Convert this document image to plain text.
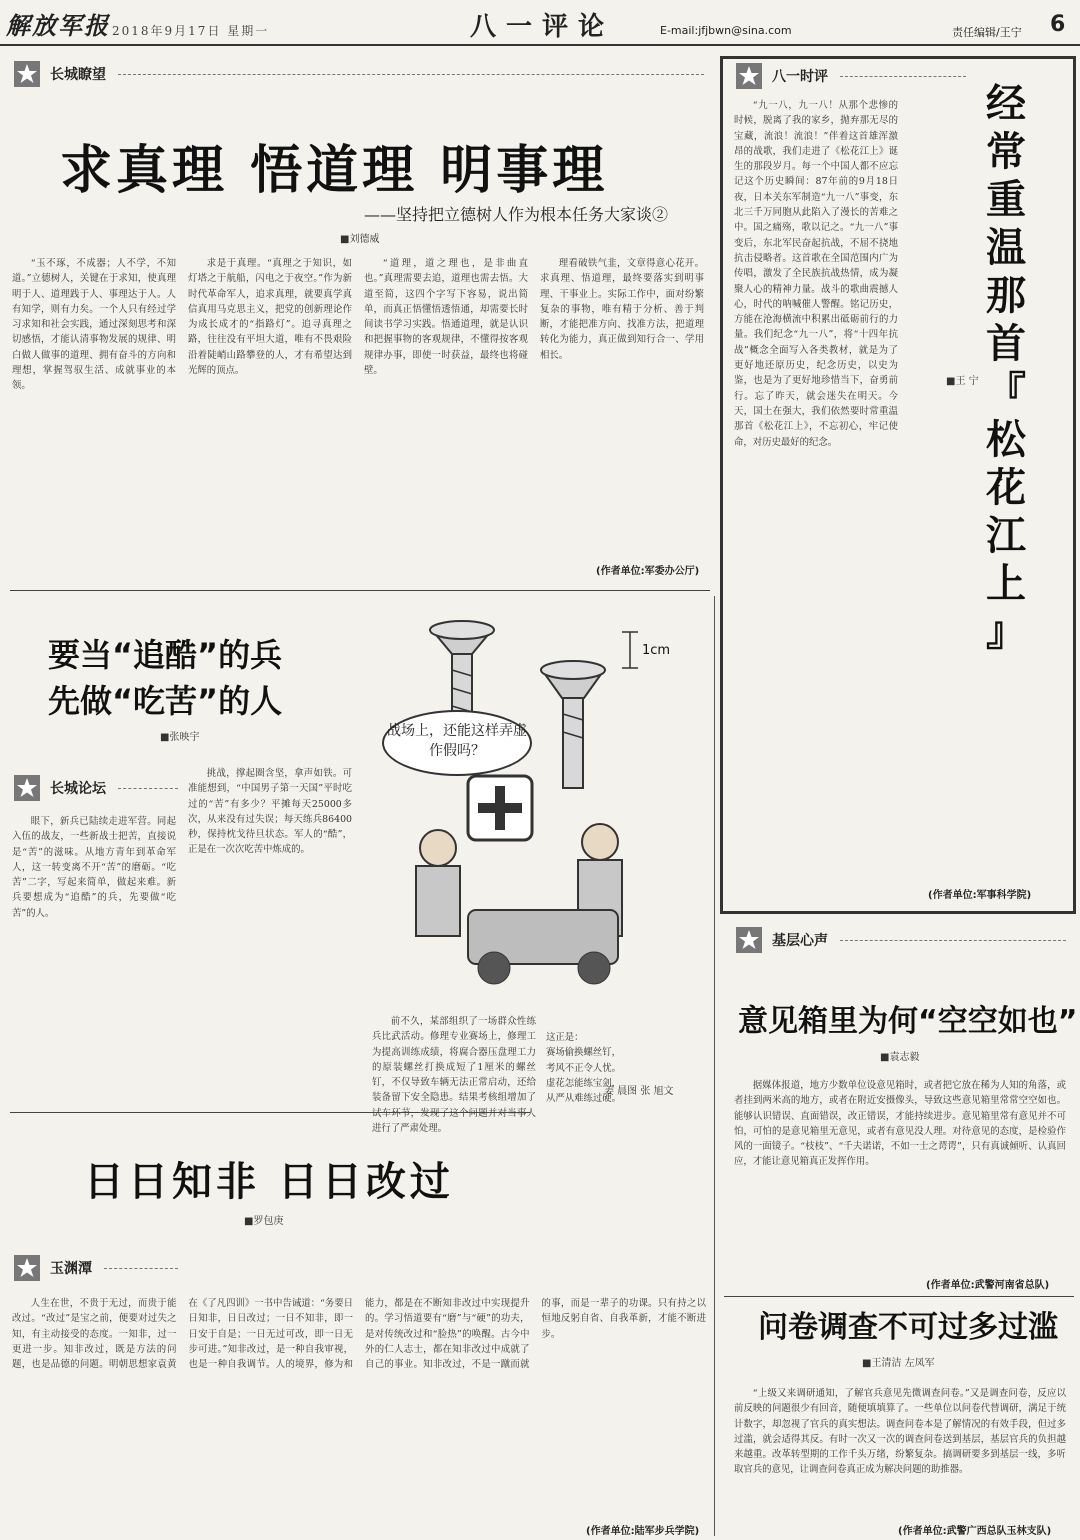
解放军报 2018年9月17日 星期一	八一评论	E-mail:jfjbwn@sina.com	责任编辑/王宁 6
长城瞭望
求真理 悟道理 明事理
——坚持把立德树人作为根本任务大家谈②
■刘德威

“玉不琢，不成器；人不学，不知道。”立德树人，关键在于求知，使真理明于人、道理践于人、事理达于人。人有知学，则有力矣。一个人只有经过学习求知和社会实践，通过深刻思考和深切感悟，才能认清事物发展的规律、明白做人做事的道理、拥有奋斗的方向和理想，掌握驾驭生活、成就事业的本领。

求是于真理。“真理之于知识，如灯塔之于航船，闪电之于夜空。”作为新时代革命军人，追求真理，就要真学真信真用马克思主义，把党的创新理论作为成长成才的“指路灯”。追寻真理之路，往往没有平坦大道，唯有不畏艰险沿着陡峭山路攀登的人，才有希望达到光辉的顶点。

“道理，道之理也，是非曲直也。”真理需要去追，道理也需去悟。大道至简，这四个字写下容易，说出简单，而真正悟懂悟透悟通，却需要长时间读书学习实践。悟通道理，就是认识和把握事物的客观规律，不懂得按客观规律办事，即使一时获益，最终也将碰壁。

理看破铁气韭，文章得意心花开。求真理、悟道理，最终要落实到明事理、干事业上。实际工作中，面对纷繁复杂的事物，唯有精于分析、善于判断，才能把准方向、找准方法，把道理转化为能力，真正做到知行合一、学用相长。

(作者单位:军委办公厅)
要当“追酷”的兵
先做“吃苦”的人
■张映宇
长城论坛

眼下，新兵已陆续走进军营。同起入伍的战友，一些新战士把苦，直接说是“苦”的滋味。从地方青年到革命军人，这一转变离不开“苦”的磨砺。“吃苦”二字，写起来简单，做起来难。新兵要想成为“追酷”的兵，先要做“吃苦”的人。

挑战，撑起圈含坚，拿声如铁。可准能想到，“中国男子第一天国”平时吃过的“苦”有多少？平摊每天25000多次，从来没有过失误；每天练兵86400秒，保持枕戈待旦状态。军人的“酷”，正是在一次次吃苦中炼成的。

1cm
战场上，还能这样弄虚作假吗？

前不久，某部组织了一场群众性练兵比武活动。修理专业赛场上，修理工为提高训练成绩，将腐合器压盘理工力的原装螺丝打换成短了1厘米的螺丝钉，不仅导致车辆无法正常启动，还给装备留下安全隐患。结果考核组增加了试车环节，发现了这个问题并对当事人进行了严肃处理。

这正是：
赛场偷换螺丝钉，
考风不正令人忧。
虚花怎能练宝剑，
从严从难练过硬。
姜 晨图 张 旭文
八一时评
经
常
重
温
那
首
『
松
花
江
上
』
■王 宁

“九一八，九一八！从那个悲惨的时候，脱离了我的家乡，抛弃那无尽的宝藏，流浪！流浪！”伴着这首雄浑激昂的战歌，我们走进了《松花江上》诞生的那段岁月。每一个中国人都不应忘记这个历史瞬间：87年前的9月18日夜，日本关东军制造“九一八”事变，东北三千万同胞从此陷入了漫长的苦难之中。国之痛殇，歌以记之。“九一八”事变后，东北军民奋起抗战，不屈不挠地抗击侵略者。这首歌在全国范围内广为传唱，激发了全民族抗战热情，成为凝聚人心的精神力量。战斗的歌曲震撼人心，时代的呐喊催人警醒。铭记历史，方能在沧海横流中积累出砥砺前行的力量。我们纪念“九一八”，将“十四年抗战”概念全面写入各类教材，就是为了更好地还原历史，纪念历史，以史为鉴，也是为了更好地珍惜当下，奋勇前行。忘了昨天，就会迷失在明天。今天，国土在强大，我们依然要时常重温那首《松花江上》，不忘初心，牢记使命，对历史最好的纪念。

(作者单位:军事科学院)
基层心声
意见箱里为何“空空如也”
■袁志毅

据媒体报道，地方少数单位设意见箱时，或者把它放在稀为人知的角落，或者挂到两米高的地方，或者在附近安摄像头，导致这些意见箱里常常空空如也。能够认识错误、直面错误，改正错误，才能持续进步。意见箱里常有意见并不可怕，可怕的是意见箱里无意见，或者有意见没人理。对待意见的态度，是检验作风的一面镜子。“枝枝”、“千夫诺诺，不如一士之谔谔”，只有真诚倾听、认真回应，才能让意见箱真正发挥作用。

(作者单位:武警河南省总队)
日日知非 日日改过
■罗包庚
玉渊潭

人生在世，不贵于无过，而贵于能改过。“改过”是宝之前，便要对过失之知，有主动接受的态度。一知非，过一更进一步。知非改过，既是方法的问题，也是品德的问题。明朝思想家袁黄在《了凡四训》一书中告诫道：“务要日日知非，日日改过；一日不知非，即一日安于自是；一日无过可改，即一日无步可进。”知非改过，是一种自我审视，也是一种自我调节。人的境界，修为和能力，都是在不断知非改过中实现提升的。学习悟道要有“磨”与“硬”的功夫，是对传统改过和“脸热”的唤醒。古今中外的仁人志士，都在知非改过中成就了自己的事业。知非改过，不是一蹴而就的事，而是一辈子的功课。只有持之以恒地反躬自省、自我革新，才能不断进步。

(作者单位:陆军步兵学院)
问卷调查不可过多过滥
■王清洁 左凤军

“上级又来调研通知，了解官兵意见先微调查问卷。”又是调查问卷，反应以前反映的问题很少有回音，随便填填算了。一些单位以问卷代替调研，满足于统计数字，却忽视了官兵的真实想法。调查问卷本是了解情况的有效手段，但过多过滥，就会适得其反。有时一次又一次的调查问卷送到基层，基层官兵的负担越来越重。改革转型期的工作千头万绪，纷繁复杂。搞调研要多到基层一线，多听取官兵的意见，让调查问卷真正成为解决问题的助推器。

(作者单位:武警广西总队玉林支队)
